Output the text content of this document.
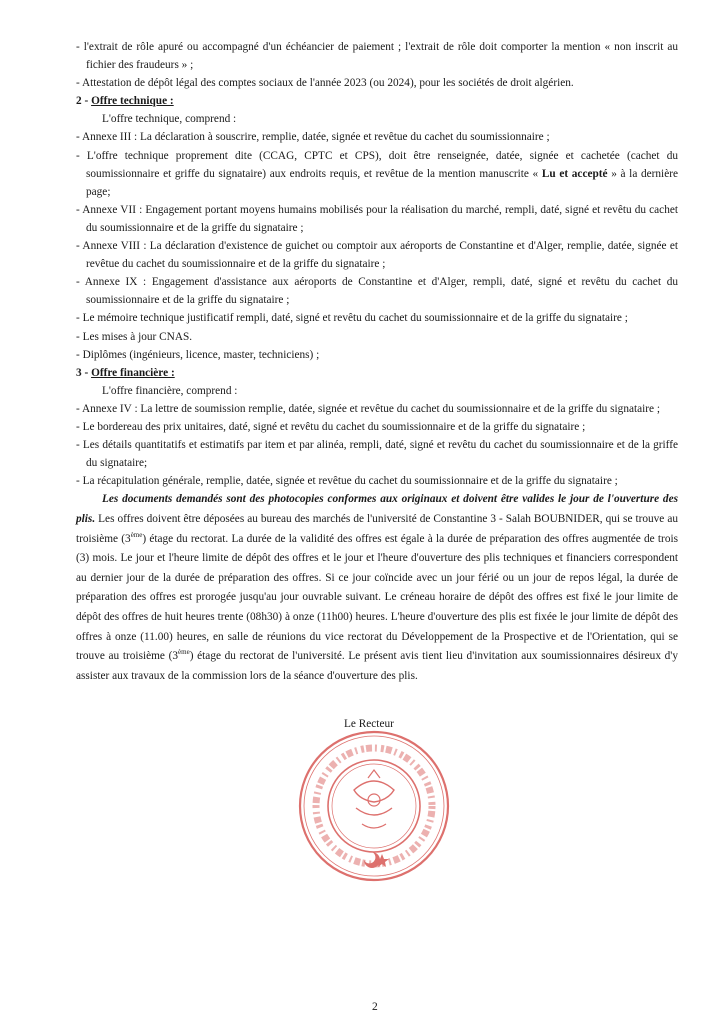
- l'extrait de rôle apuré ou accompagné d'un échéancier de paiement ; l'extrait de rôle doit comporter la mention « non inscrit au fichier des fraudeurs » ;

- Attestation de dépôt légal des comptes sociaux de l'année 2023 (ou 2024), pour les sociétés de droit algérien.

2 - Offre technique :

L'offre technique, comprend :

- Annexe III : La déclaration à souscrire, remplie, datée, signée et revêtue du cachet du soumissionnaire ;

- L'offre technique proprement dite (CCAG, CPTC et CPS), doit être renseignée, datée, signée et cachetée (cachet du soumissionnaire et griffe du signataire) aux endroits requis, et revêtue de la mention manuscrite « Lu et accepté » à la dernière page;

- Annexe VII : Engagement portant moyens humains mobilisés pour la réalisation du marché, rempli, daté, signé et revêtu du cachet du soumissionnaire et de la griffe du signataire ;

- Annexe VIII : La déclaration d'existence de guichet ou comptoir aux aéroports de Constantine et d'Alger, remplie, datée, signée et revêtue du cachet du soumissionnaire et de la griffe du signataire ;

- Annexe IX : Engagement d'assistance aux aéroports de Constantine et d'Alger, rempli, daté, signé et revêtu du cachet du soumissionnaire et de la griffe du signataire ;

- Le mémoire technique justificatif rempli, daté, signé et revêtu du cachet du soumissionnaire et de la griffe du signataire ;

- Les mises à jour CNAS.

- Diplômes (ingénieurs, licence, master, techniciens) ;

3 - Offre financière :

L'offre financière, comprend :

- Annexe IV : La lettre de soumission remplie, datée, signée et revêtue du cachet du soumissionnaire et de la griffe du signataire ;

- Le bordereau des prix unitaires, daté, signé et revêtu du cachet du soumissionnaire et de la griffe du signataire ;

- Les détails quantitatifs et estimatifs par item et par alinéa, rempli, daté, signé et revêtu du cachet du soumissionnaire et de la griffe du signataire;

- La récapitulation générale, remplie, datée, signée et revêtue du cachet du soumissionnaire et de la griffe du signataire ;

Les documents demandés sont des photocopies conformes aux originaux et doivent être valides le jour de l'ouverture des plis. Les offres doivent être déposées au bureau des marchés de l'université de Constantine 3 - Salah BOUBNIDER, qui se trouve au troisième (3ème) étage du rectorat. La durée de la validité des offres est égale à la durée de préparation des offres augmentée de trois (3) mois. Le jour et l'heure limite de dépôt des offres et le jour et l'heure d'ouverture des plis techniques et financiers correspondent au dernier jour de la durée de préparation des offres. Si ce jour coïncide avec un jour férié ou un jour de repos légal, la durée de préparation des offres est prorogée jusqu'au jour ouvrable suivant. Le créneau horaire de dépôt des offres est fixé le jour limite de dépôt des offres de huit heures trente (08h30) à onze (11h00) heures. L'heure d'ouverture des plis est fixée le jour limite de dépôt des offres à onze (11.00) heures, en salle de réunions du vice rectorat du Développement de la Prospective et de l'Orientation, qui se trouve au troisième (3ème) étage du rectorat de l'université. Le présent avis tient lieu d'invitation aux soumissionnaires désireux d'y assister aux travaux de la commission lors de la séance d'ouverture des plis.

Le Recteur
2
